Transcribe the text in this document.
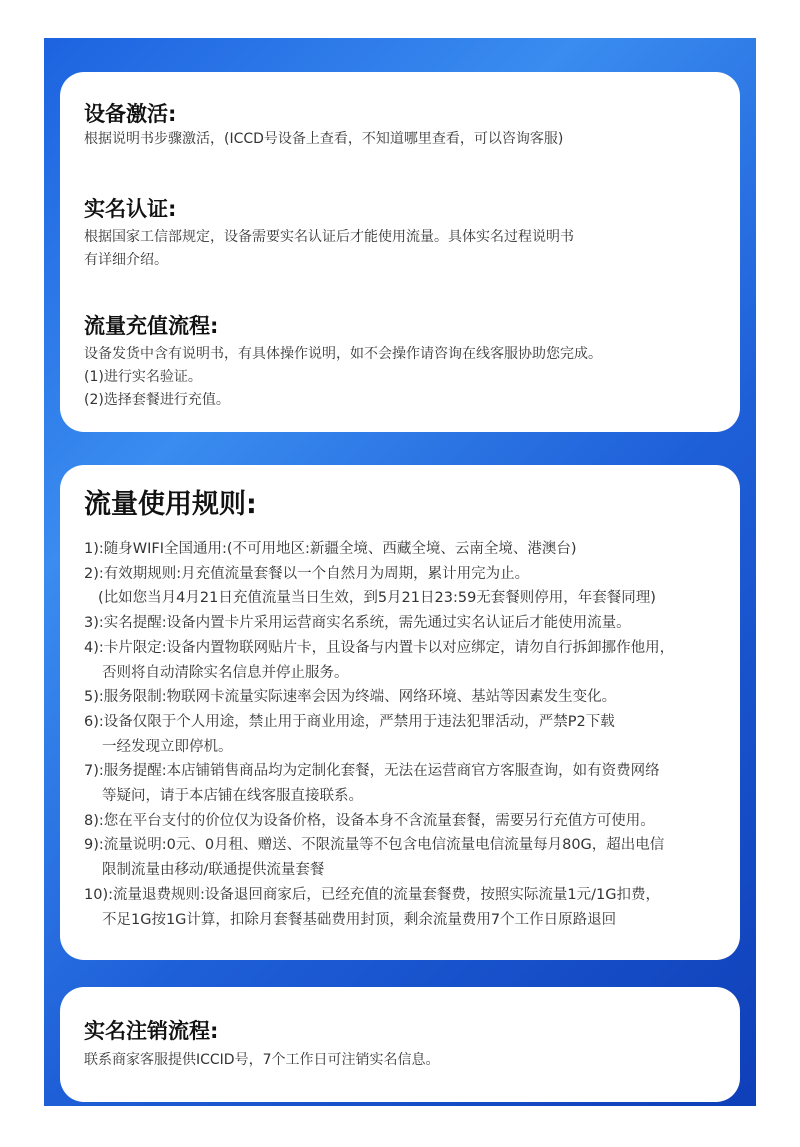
设备激活:

根据说明书步骤激活，(ICCD号设备上查看，不知道哪里查看，可以咨询客服)

实名认证:

根据国家工信部规定，设备需要实名认证后才能使用流量。具体实名过程说明书

有详细介绍。

流量充值流程:

设备发货中含有说明书，有具体操作说明，如不会操作请咨询在线客服协助您完成。

(1)进行实名验证。

(2)选择套餐进行充值。

流量使用规则:

1):随身WIFI全国通用:(不可用地区:新疆全境、西藏全境、云南全境、港澳台)

2):有效期规则:月充值流量套餐以一个自然月为周期，累计用完为止。

(比如您当月4月21日充值流量当日生效，到5月21日23:59无套餐则停用，年套餐同理)

3):实名提醒:设备内置卡片采用运营商实名系统，需先通过实名认证后才能使用流量。

4):卡片限定:设备内置物联网贴片卡，且设备与内置卡以对应绑定，请勿自行拆卸挪作他用，

否则将自动清除实名信息并停止服务。

5):服务限制:物联网卡流量实际速率会因为终端、网络环境、基站等因素发生变化。

6):设备仅限于个人用途，禁止用于商业用途，严禁用于违法犯罪活动，严禁P2下载

一经发现立即停机。

7):服务提醒:本店铺销售商品均为定制化套餐，无法在运营商官方客服查询，如有资费网络

等疑问，请于本店铺在线客服直接联系。

8):您在平台支付的价位仅为设备价格，设备本身不含流量套餐，需要另行充值方可使用。

9):流量说明:0元、0月租、赠送、不限流量等不包含电信流量电信流量每月80G，超出电信

限制流量由移动/联通提供流量套餐

10):流量退费规则:设备退回商家后，已经充值的流量套餐费，按照实际流量1元/1G扣费，

不足1G按1G计算，扣除月套餐基础费用封顶，剩余流量费用7个工作日原路退回

实名注销流程:

联系商家客服提供ICCID号，7个工作日可注销实名信息。
